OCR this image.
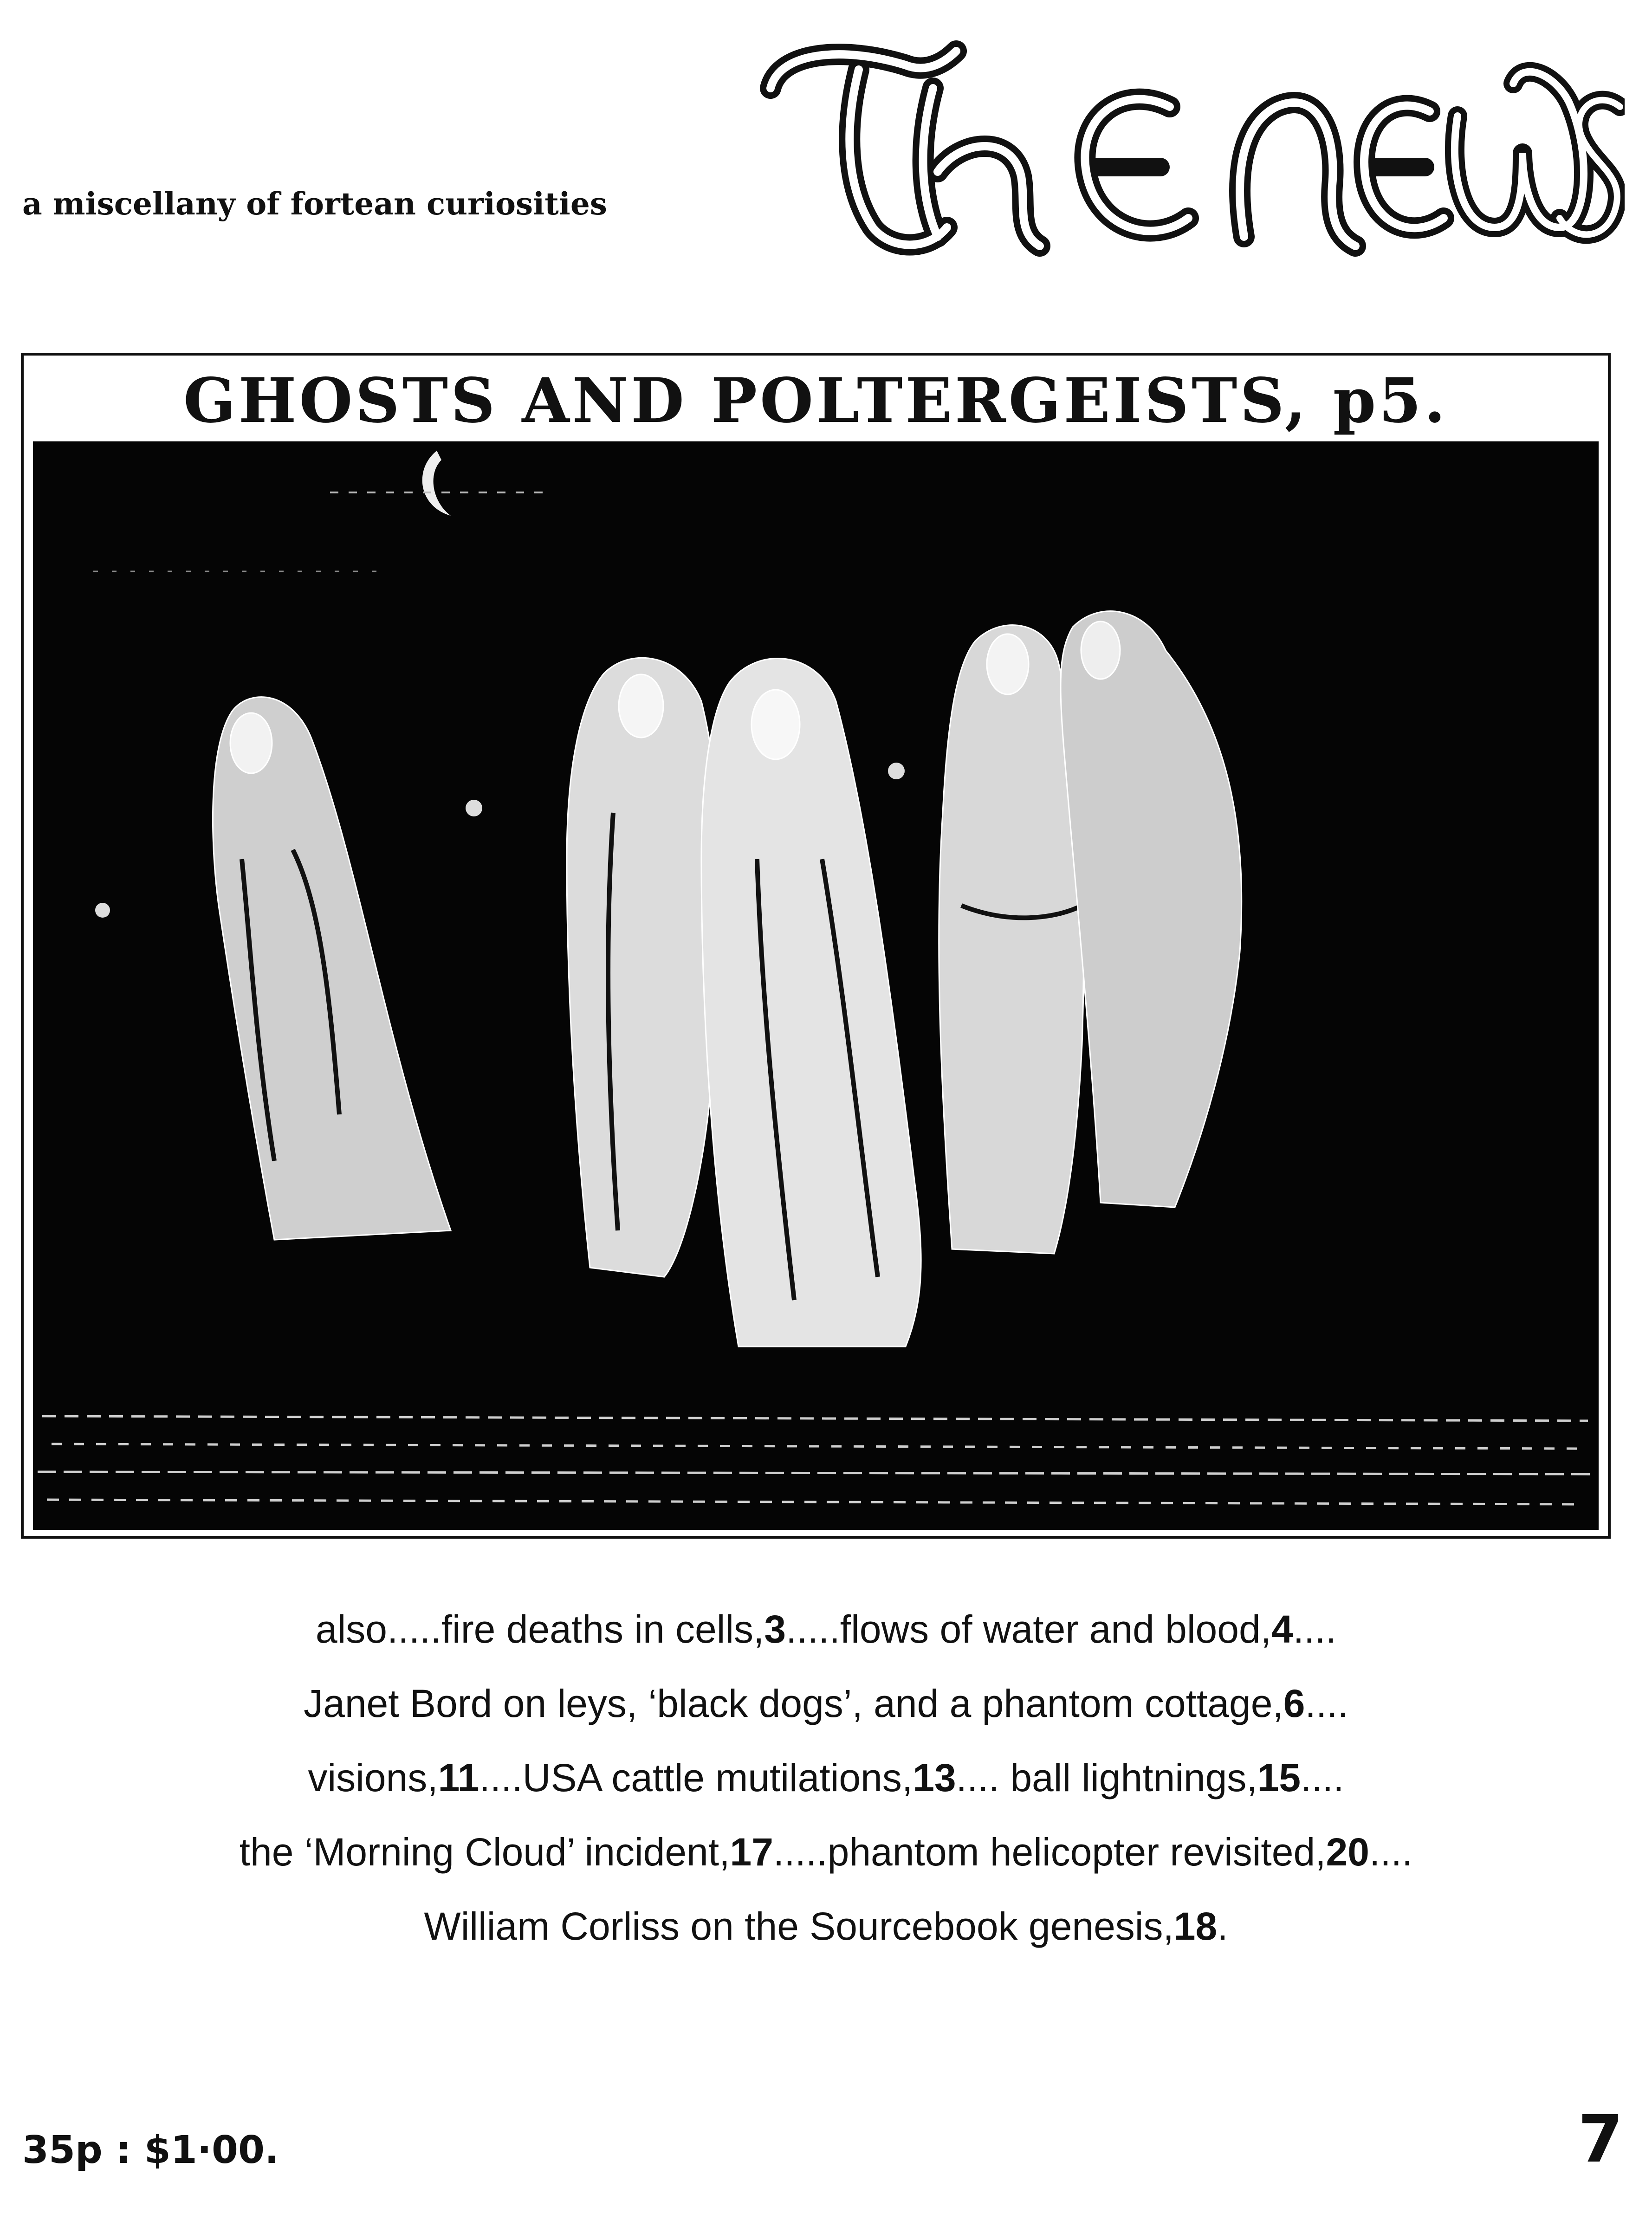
a miscellany of fortean curiosities
GHOSTS AND POLTERGEISTS, p5.
also.....fire deaths in cells,3.....flows of water and blood,4....
Janet Bord on leys, ‘black dogs’, and a phantom cottage,6....
visions,11....USA cattle mutilations,13.... ball lightnings,15....
the ‘Morning Cloud’ incident,17.....phantom helicopter revisited,20....
William Corliss on the Sourcebook genesis,18.
35p : $1·00.	7
